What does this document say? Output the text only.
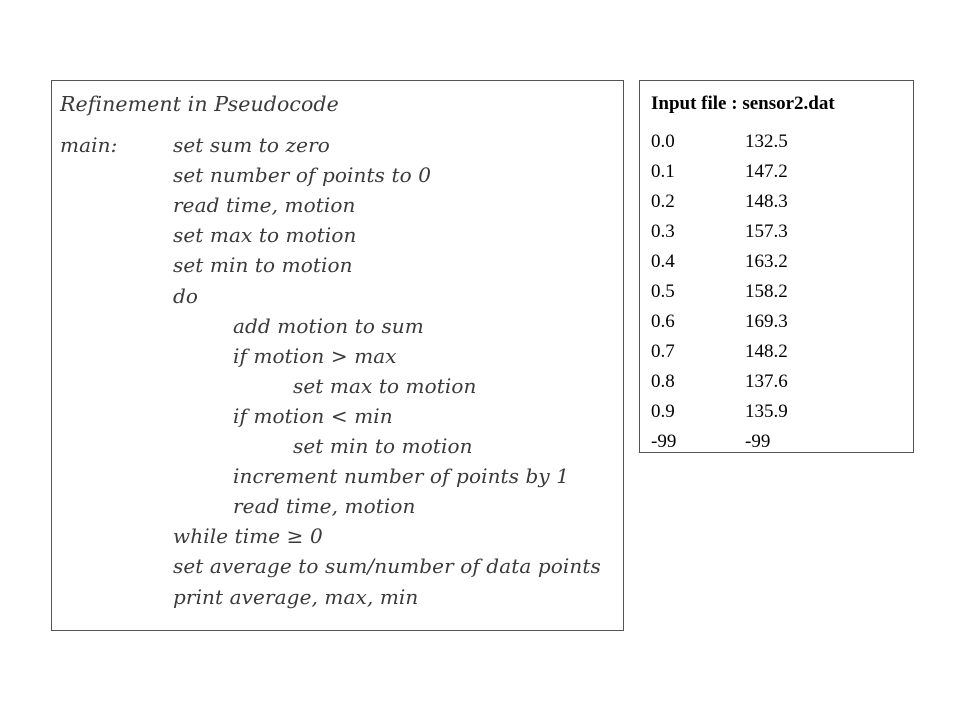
Refinement in Pseudocode
main:	set sum to zero
set number of points to 0
read time, motion
set max to motion
set min to motion
do
add motion to sum
if motion > max
set max to motion
if motion < min
set min to motion
increment number of points by 1
read time, motion
while time ≥ 0
set average to sum/number of data points
print average, max, min
Input file : sensor2.dat
0.0	132.5
0.1	147.2
0.2	148.3
0.3	157.3
0.4	163.2
0.5	158.2
0.6	169.3
0.7	148.2
0.8	137.6
0.9	135.9
-99	-99
